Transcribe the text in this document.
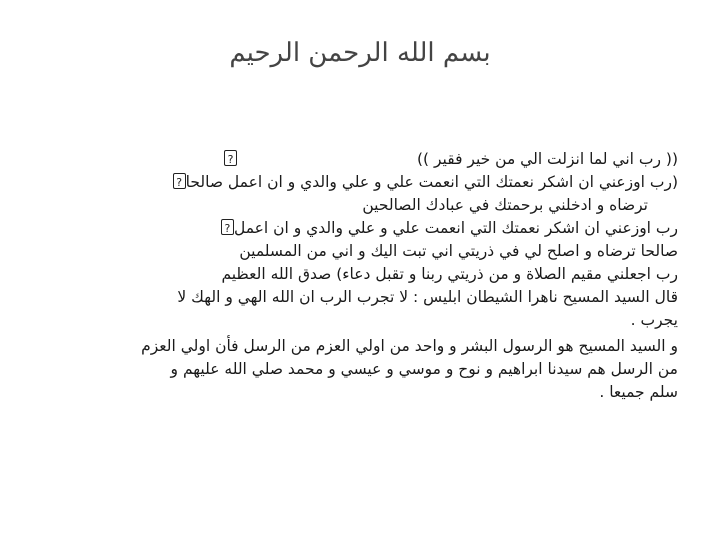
بسم الله الرحمن الرحيم
(( رب اني لما انزلت الي من خير فقير ))?
(رب اوزعني ان اشكر نعمتك التي انعمت علي و علي والدي و ان اعمل صالحا?
ترضاه و ادخلني برحمتك في عبادك الصالحين
رب اوزعني ان اشكر نعمتك التي انعمت علي و علي والدي و ان اعمل?
صالحا ترضاه و اصلح لي في ذريتي اني تبت اليك و اني من المسلمين
رب اجعلني مقيم الصلاة و من ذريتي ربنا و تقبل دعاء) صدق الله العظيم
قال السيد المسيح ناهرا الشيطان ابليس : لا تجرب الرب ان الله الهي و الهك لا
يجرب .
و السيد المسيح هو الرسول البشر و واحد من اولي العزم من الرسل فأن اولي العزم
من الرسل هم سيدنا ابراهيم و نوح و موسي و عيسي و محمد صلي الله عليهم و
سلم جميعا .
